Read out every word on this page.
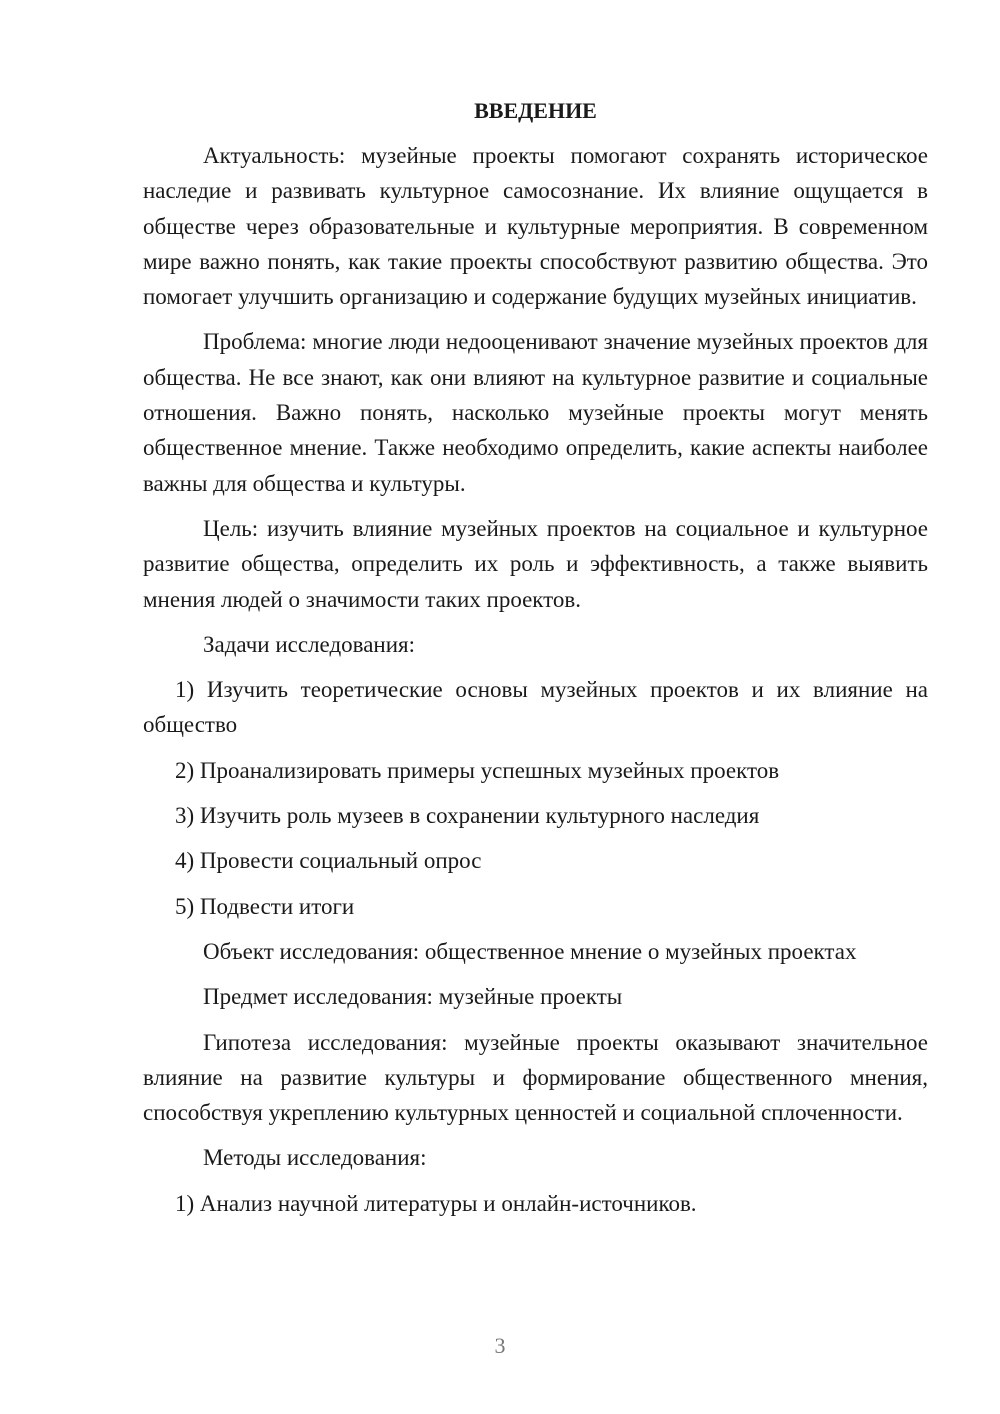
ВВЕДЕНИЕ

Актуальность: музейные проекты помогают сохранять историческое наследие и развивать культурное самосознание. Их влияние ощущается в обществе через образовательные и культурные мероприятия. В современном мире важно понять, как такие проекты способствуют развитию общества. Это помогает улучшить организацию и содержание будущих музейных инициатив.

Проблема: многие люди недооценивают значение музейных проектов для общества. Не все знают, как они влияют на культурное развитие и социальные отношения. Важно понять, насколько музейные проекты могут менять общественное мнение. Также необходимо определить, какие аспекты наиболее важны для общества и культуры.

Цель: изучить влияние музейных проектов на социальное и культурное развитие общества, определить их роль и эффективность, а также выявить мнения людей о значимости таких проектов.

Задачи исследования:

1) Изучить теоретические основы музейных проектов и их влияние на общество

2) Проанализировать примеры успешных музейных проектов

3) Изучить роль музеев в сохранении культурного наследия

4) Провести социальный опрос

5) Подвести итоги

Объект исследования: общественное мнение о музейных проектах

Предмет исследования: музейные проекты

Гипотеза исследования: музейные проекты оказывают значительное влияние на развитие культуры и формирование общественного мнения, способствуя укреплению культурных ценностей и социальной сплоченности.

Методы исследования:

1) Анализ научной литературы и онлайн-источников.

3
